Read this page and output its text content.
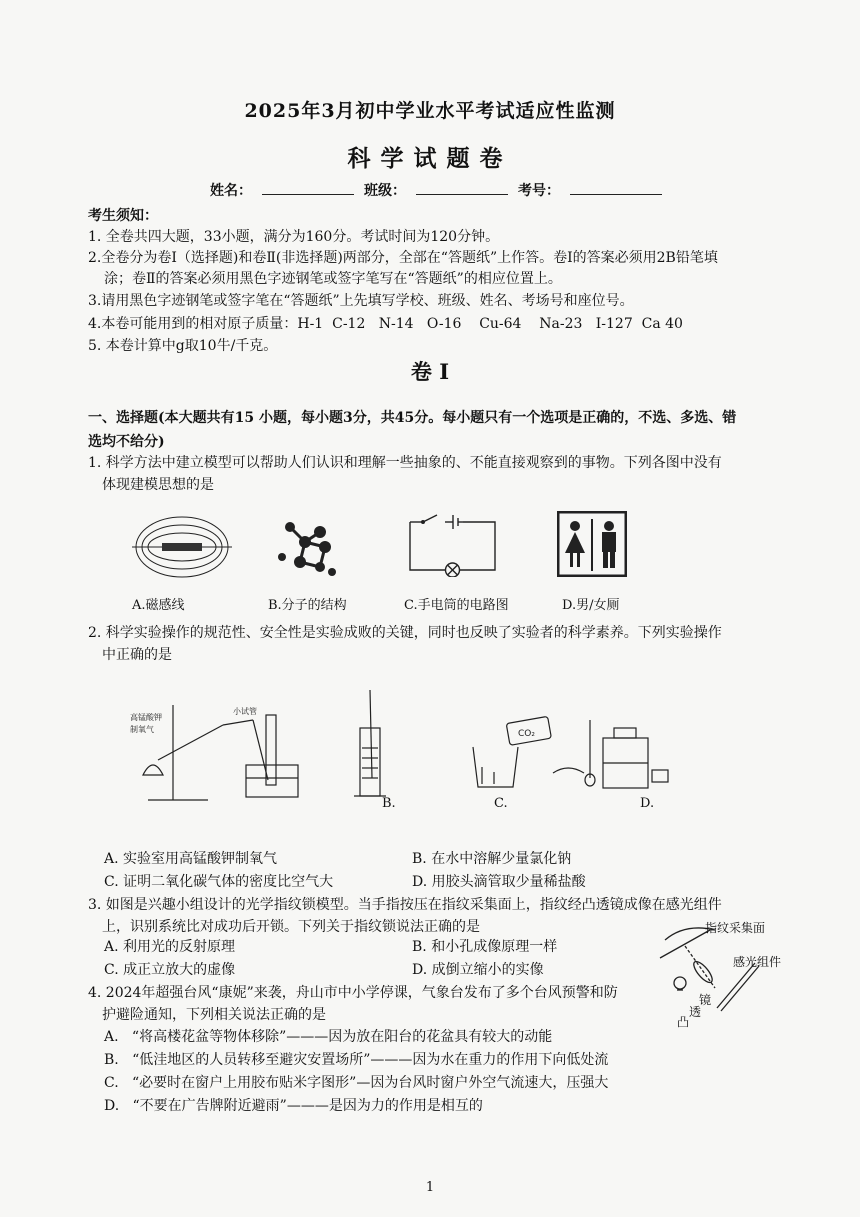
2025年3月初中学业水平考试适应性监测
科学试题卷
姓名：	班级：	考号：
考生须知：
1. 全卷共四大题，33小题，满分为160分。考试时间为120分钟。
2.全卷分为卷Ⅰ（选择题)和卷Ⅱ(非选择题)两部分，全部在“答题纸”上作答。卷Ⅰ的答案必须用2B铅笔填
涂；卷Ⅱ的答案必须用黑色字迹钢笔或签字笔写在“答题纸”的相应位置上。
3.请用黑色字迹钢笔或签字笔在“答题纸”上先填写学校、班级、姓名、考场号和座位号。
4.本卷可能用到的相对原子质量：H-1  C-12   N-14   O-16    Cu-64    Na-23   I-127  Ca 40
5. 本卷计算中g取10牛/千克。
卷 I
一、选择题(本大题共有15 小题，每小题3分，共45分。每小题只有一个选项是正确的，不选、多选、错
选均不给分)
1. 科学方法中建立模型可以帮助人们认识和理解一些抽象的、不能直接观察到的事物。下列各图中没有
体现建模思想的是
A.磁感线	B.分子的结构	C.手电筒的电路图	D.男/女厕
2. 科学实验操作的规范性、安全性是实验成败的关键，同时也反映了实验者的科学素养。下列实验操作
中正确的是
高锰酸钾
制氧气
小试管
B.
CO₂
C.	D.
A. 实验室用高锰酸钾制氧气	B. 在水中溶解少量氯化钠
C. 证明二氧化碳气体的密度比空气大	D. 用胶头滴管取少量稀盐酸
3. 如图是兴趣小组设计的光学指纹锁模型。当手指按压在指纹采集面上，指纹经凸透镜成像在感光组件
上，识别系统比对成功后开锁。下列关于指纹锁说法正确的是
A. 利用光的反射原理	B. 和小孔成像原理一样
C. 成正立放大的虚像	D. 成倒立缩小的实像
指纹采集面
感光组件
凸
透
镜
4. 2024年超强台风“康妮”来袭，舟山市中小学停课，气象台发布了多个台风预警和防
护避险通知，下列相关说法正确的是
A.   “将高楼花盆等物体移除”———因为放在阳台的花盆具有较大的动能
B.   “低洼地区的人员转移至避灾安置场所”———因为水在重力的作用下向低处流
C.   “必要时在窗户上用胶布贴米字图形”—因为台风时窗户外空气流速大，压强大
D.   “不要在广告牌附近避雨”———是因为力的作用是相互的
1
